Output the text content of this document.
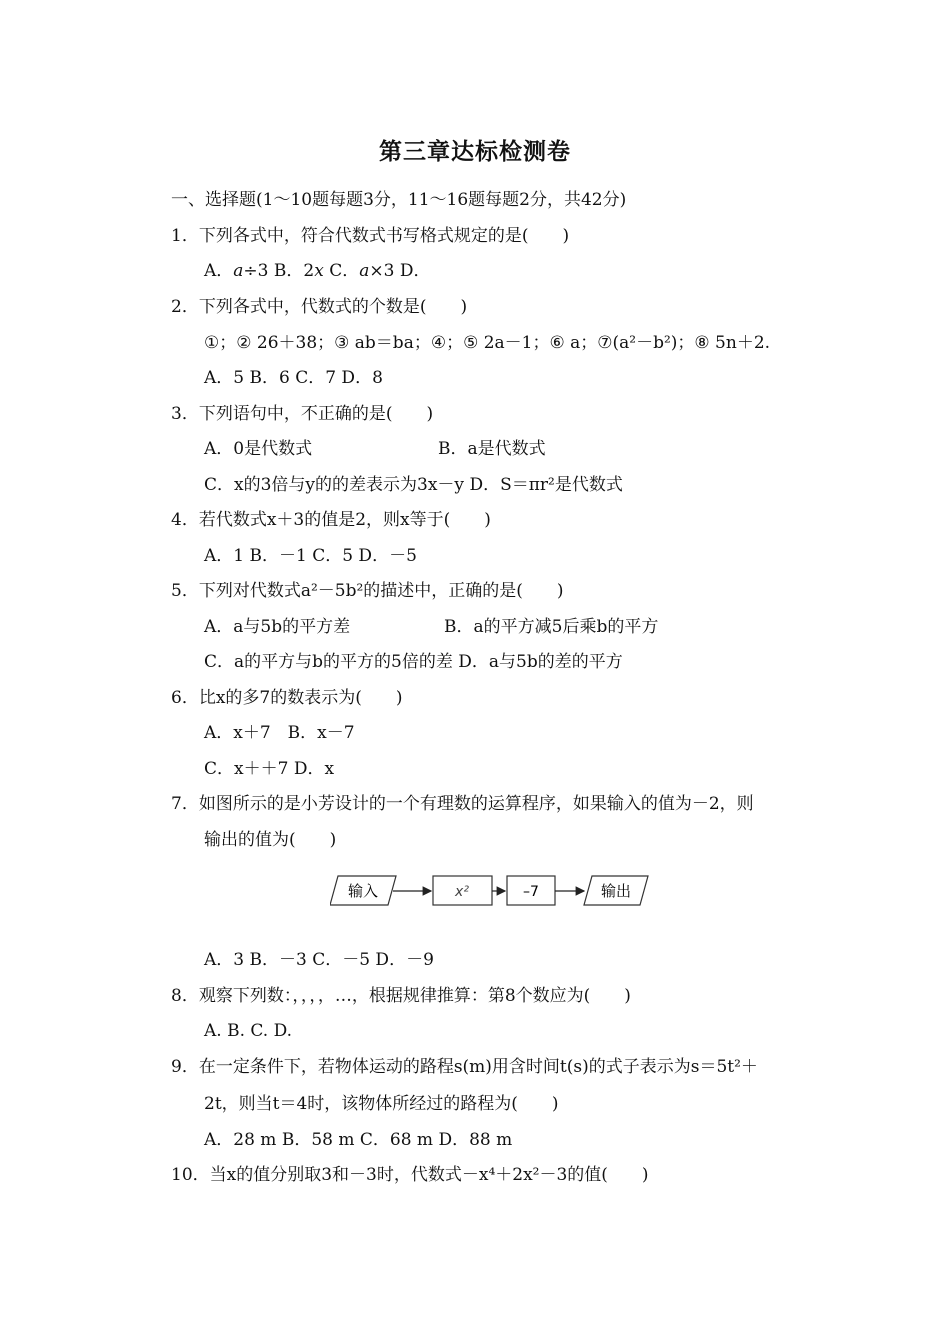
第三章达标检测卷
一、选择题(1～10题每题3分，11～16题每题2分，共42分)
1．下列各式中，符合代数式书写格式规定的是(　　)
A．a÷3 B．2x C．a×3 D．
2．下列各式中，代数式的个数是(　　)
①；② 26＋38；③ ab＝ba；④；⑤ 2a－1；⑥ a；⑦(a²－b²)；⑧ 5n＋2.
A．5 B．6 C．7 D．8
3．下列语句中，不正确的是(　　)
A．0是代数式	B．a是代数式
C．x的3倍与y的的差表示为3x－y D．S＝πr²是代数式
4．若代数式x＋3的值是2，则x等于(　　)
A．1 B．－1 C．5 D．－5
5．下列对代数式a²－5b²的描述中，正确的是(　　)
A．a与5b的平方差	B．a的平方减5后乘b的平方
C．a的平方与b的平方的5倍的差 D．a与5b的差的平方
6．比x的多7的数表示为(　　)
A．x＋7　B．x－7
C．x＋＋7 D．x
7．如图所示的是小芳设计的一个有理数的运算程序，如果输入的值为－2，则
输出的值为(　　)
输入	x²	–7	输出
A．3 B．－3 C．－5 D．－9
8．观察下列数：，，，，…，根据规律推算：第8个数应为(　　)
A. B. C. D.
9．在一定条件下，若物体运动的路程s(m)用含时间t(s)的式子表示为s＝5t²＋
2t，则当t＝4时，该物体所经过的路程为(　　)
A．28 m B．58 m C．68 m D．88 m
10．当x的值分别取3和－3时，代数式－x⁴＋2x²－3的值(　　)
